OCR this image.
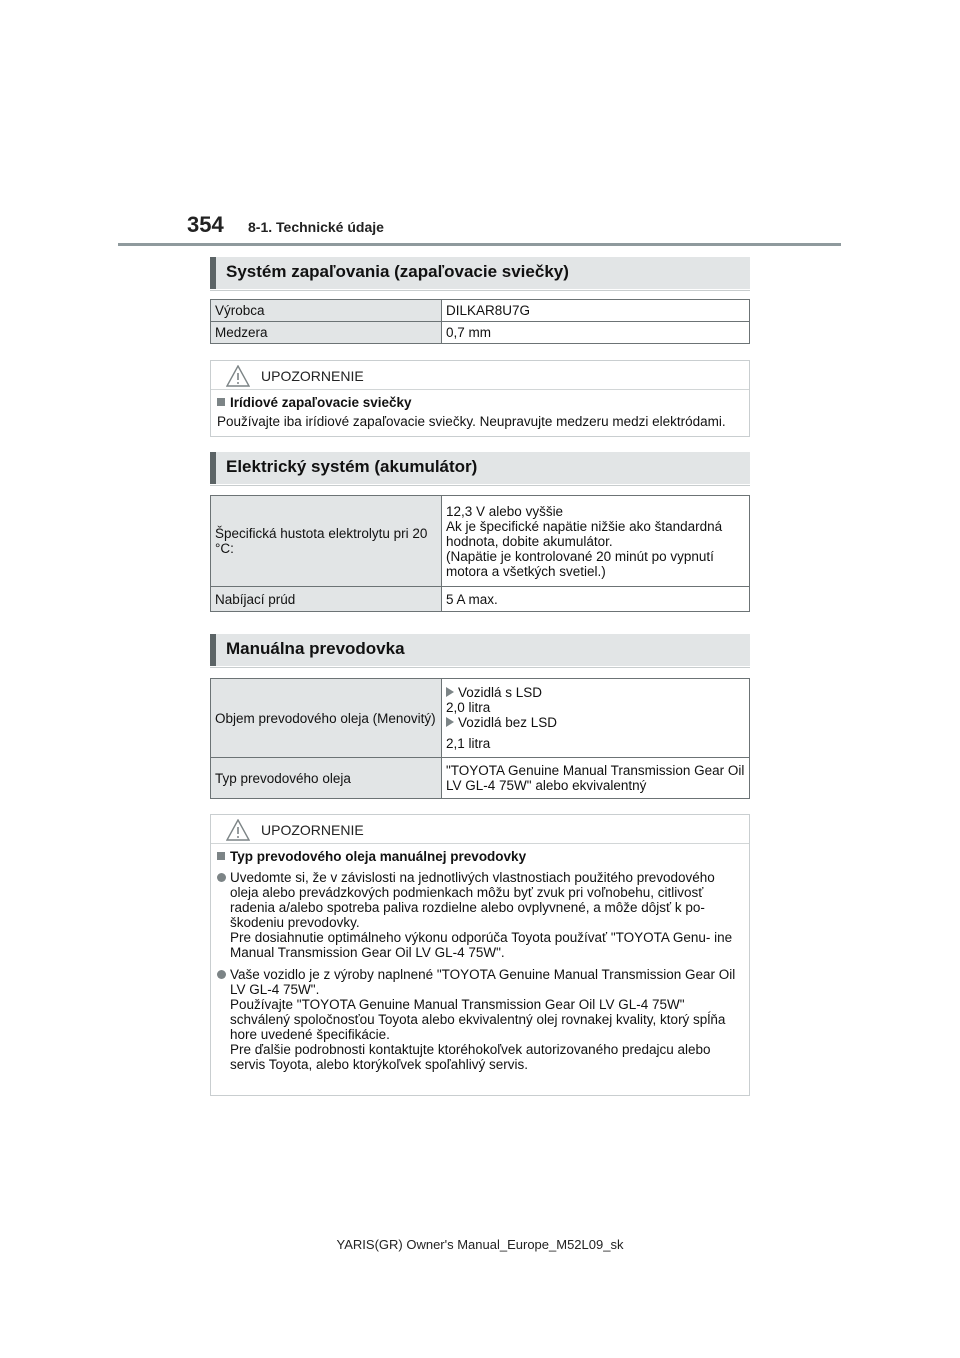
354 8-1. Technické údaje
Systém zapaľovania (zapaľovacie sviečky)
Výrobca	DILKAR8U7G
Medzera	0,7 mm
UPOZORNENIE
Irídiové zapaľovacie sviečky
Používajte iba irídiové zapaľovacie sviečky. Neupravujte medzeru medzi elektródami.
Elektrický systém (akumulátor)
Špecifická hustota elektrolytu pri 20 °C:	12,3 V alebo vyššie
Ak je špecifické napätie nižšie ako štandardná hodnota, dobite akumulátor.
(Napätie je kontrolované 20 minút po vypnutí motora a všetkých svetiel.)

Nabíjací prúd	5 A max.
Manuálna prevodovka
Objem prevodového oleja (Menovitý)	Vozidlá s LSD
2,0 litra
Vozidlá bez LSD
2,1 litra

Typ prevodového oleja	"TOYOTA Genuine Manual Transmission Gear Oil LV GL-4 75W" alebo ekvivalentný
UPOZORNENIE
Typ prevodového oleja manuálnej prevodovky
Uvedomte si, že v závislosti na jednotlivých vlastnostiach použitého prevodového oleja alebo prevádzkových podmienkach môžu byť zvuk pri voľnobehu, citlivosť radenia a/alebo spotreba paliva rozdielne alebo ovplyvnené, a môže dôjsť k po- škodeniu prevodovky.
Pre dosiahnutie optimálneho výkonu odporúča Toyota používať "TOYOTA Genu- ine Manual Transmission Gear Oil LV GL-4 75W".
Vaše vozidlo je z výroby naplnené "TOYOTA Genuine Manual Transmission Gear Oil LV GL-4 75W".
Používajte "TOYOTA Genuine Manual Transmission Gear Oil LV GL-4 75W" schválený spoločnosťou Toyota alebo ekvivalentný olej rovnakej kvality, ktorý spĺňa hore uvedené špecifikácie.
Pre ďalšie podrobnosti kontaktujte ktoréhokoľvek autorizovaného predajcu alebo servis Toyota, alebo ktorýkoľvek spoľahlivý servis.
YARIS(GR) Owner's Manual_Europe_M52L09_sk
